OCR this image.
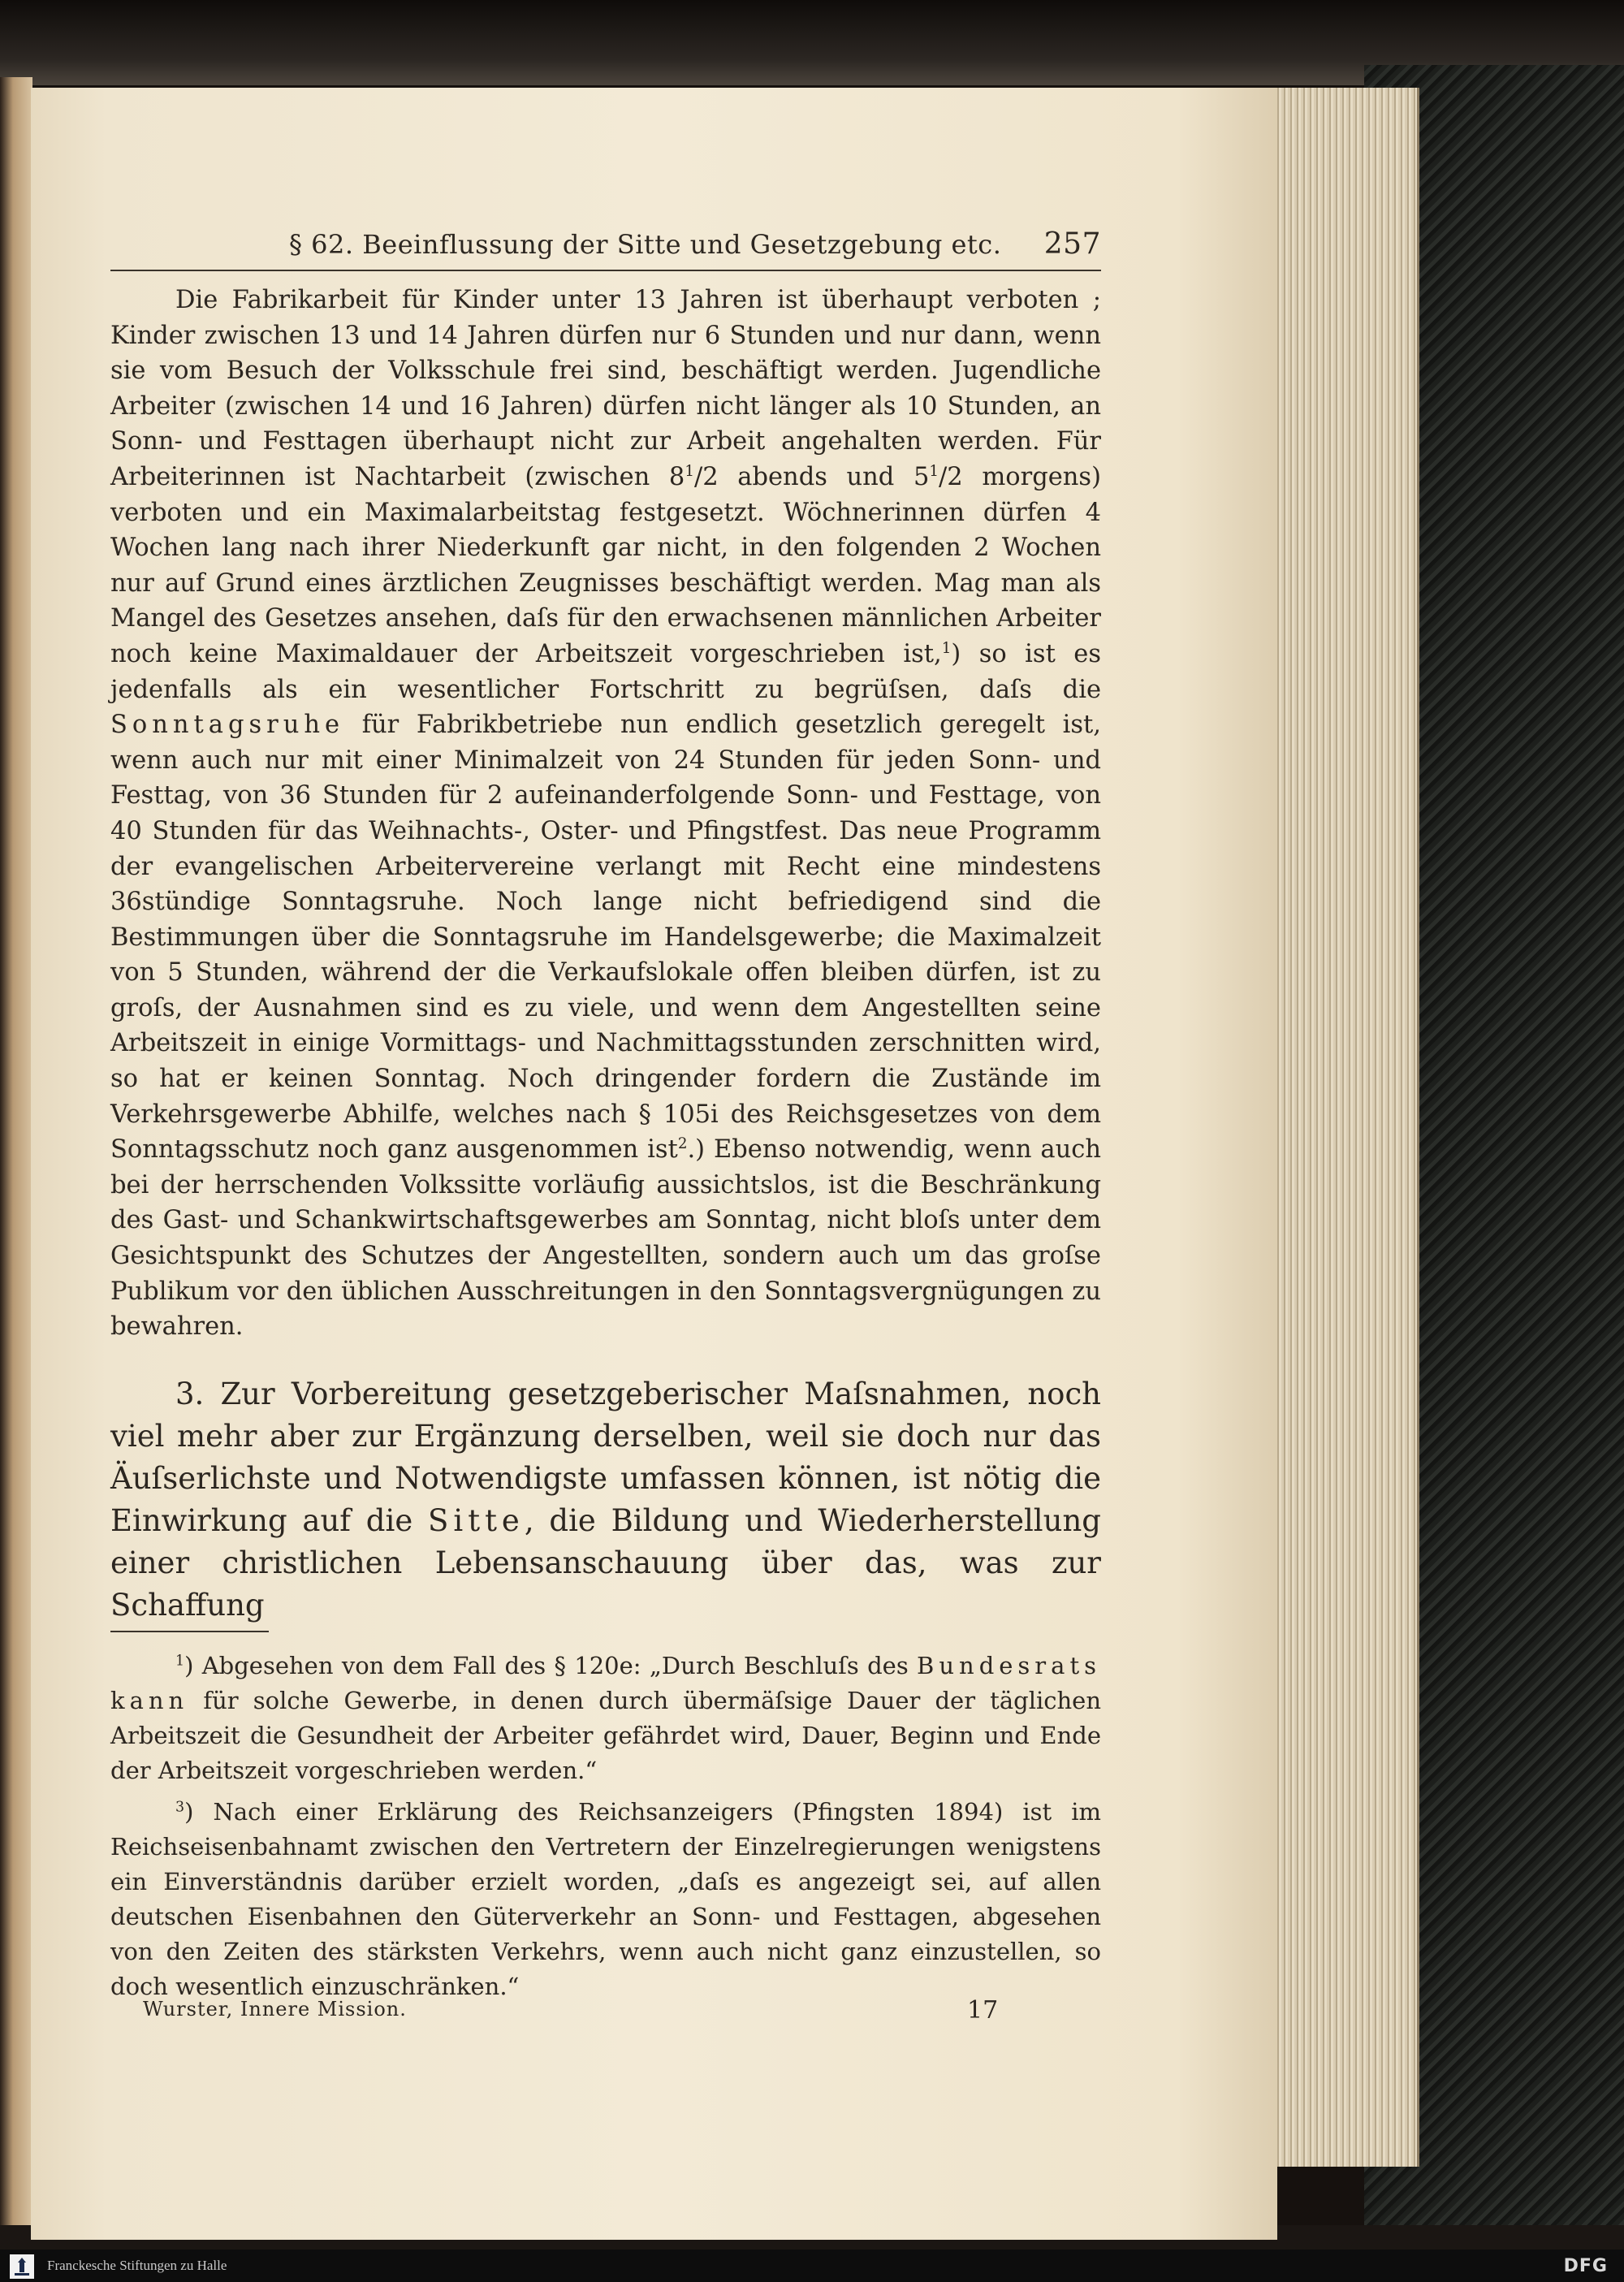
§ 62. Beeinflussung der Sitte und Gesetzgebung etc. 257

Die Fabrikarbeit für Kinder unter 13 Jahren ist überhaupt verboten ; Kinder zwischen 13 und 14 Jahren dürfen nur 6 Stunden und nur dann, wenn sie vom Besuch der Volksschule frei sind, beschäftigt werden. Jugendliche Arbeiter (zwischen 14 und 16 Jahren) dürfen nicht länger als 10 Stunden, an Sonn- und Festtagen überhaupt nicht zur Arbeit angehalten werden. Für Arbeiterinnen ist Nachtarbeit (zwischen $8^1/2$ abends und $5^1/2$ morgens) verboten und ein Maximalarbeitstag festgesetzt. Wöchnerinnen dürfen 4 Wochen lang nach ihrer Niederkunft gar nicht, in den folgenden 2 Wochen nur auf Grund eines ärztlichen Zeugnisses beschäftigt werden. Mag man als Mangel des Gesetzes ansehen, daſs für den erwachsenen männlichen Arbeiter noch keine Maximaldauer der Arbeitszeit vorgeschrieben ist,$^1$) so ist es jedenfalls als ein wesentlicher Fortschritt zu begrüſsen, daſs die Sonntagsruhe für Fabrikbetriebe nun endlich gesetzlich geregelt ist, wenn auch nur mit einer Minimalzeit von 24 Stunden für jeden Sonn- und Festtag, von 36 Stunden für 2 aufeinanderfolgende Sonn- und Festtage, von 40 Stunden für das Weihnachts-, Oster- und Pfingstfest. Das neue Programm der evangelischen Arbeitervereine verlangt mit Recht eine mindestens 36stündige Sonntagsruhe. Noch lange nicht befriedigend sind die Bestimmungen über die Sonntagsruhe im Handelsgewerbe; die Maximalzeit von 5 Stunden, während der die Verkaufslokale offen bleiben dürfen, ist zu groſs, der Ausnahmen sind es zu viele, und wenn dem Angestellten seine Arbeitszeit in einige Vormittags- und Nachmittagsstunden zerschnitten wird, so hat er keinen Sonntag. Noch dringender fordern die Zustände im Verkehrsgewerbe Abhilfe, welches nach § 105i des Reichsgesetzes von dem Sonntagsschutz noch ganz ausgenommen ist$^2$.) Ebenso notwendig, wenn auch bei der herrschenden Volkssitte vorläufig aussichtslos, ist die Beschränkung des Gast- und Schankwirtschaftsgewerbes am Sonntag, nicht bloſs unter dem Gesichtspunkt des Schutzes der Angestellten, sondern auch um das groſse Publikum vor den üblichen Ausschreitungen in den Sonntagsvergnügungen zu bewahren.

3. Zur Vorbereitung gesetzgeberischer Maſsnahmen, noch viel mehr aber zur Ergänzung derselben, weil sie doch nur das Äuſserlichste und Notwendigste umfassen können, ist nötig die Einwirkung auf die Sitte, die Bildung und Wiederherstellung einer christlichen Lebensanschauung über das, was zur Schaffung

$^1$) Abgesehen von dem Fall des § 120e: „Durch Beschluſs des Bundesrats kann für solche Gewerbe, in denen durch übermäſsige Dauer der täglichen Arbeitszeit die Gesundheit der Arbeiter gefährdet wird, Dauer, Beginn und Ende der Arbeitszeit vorgeschrieben werden.“

$^3$) Nach einer Erklärung des Reichsanzeigers (Pfingsten 1894) ist im Reichseisenbahnamt zwischen den Vertretern der Einzelregierungen wenigstens ein Einverständnis darüber erzielt worden, „daſs es angezeigt sei, auf allen deutschen Eisenbahnen den Güterverkehr an Sonn- und Festtagen, abgesehen von den Zeiten des stärksten Verkehrs, wenn auch nicht ganz einzustellen, so doch wesentlich einzuschränken.“

Wurster, Innere Mission.	17
Franckesche Stiftungen zu Halle	DFG
